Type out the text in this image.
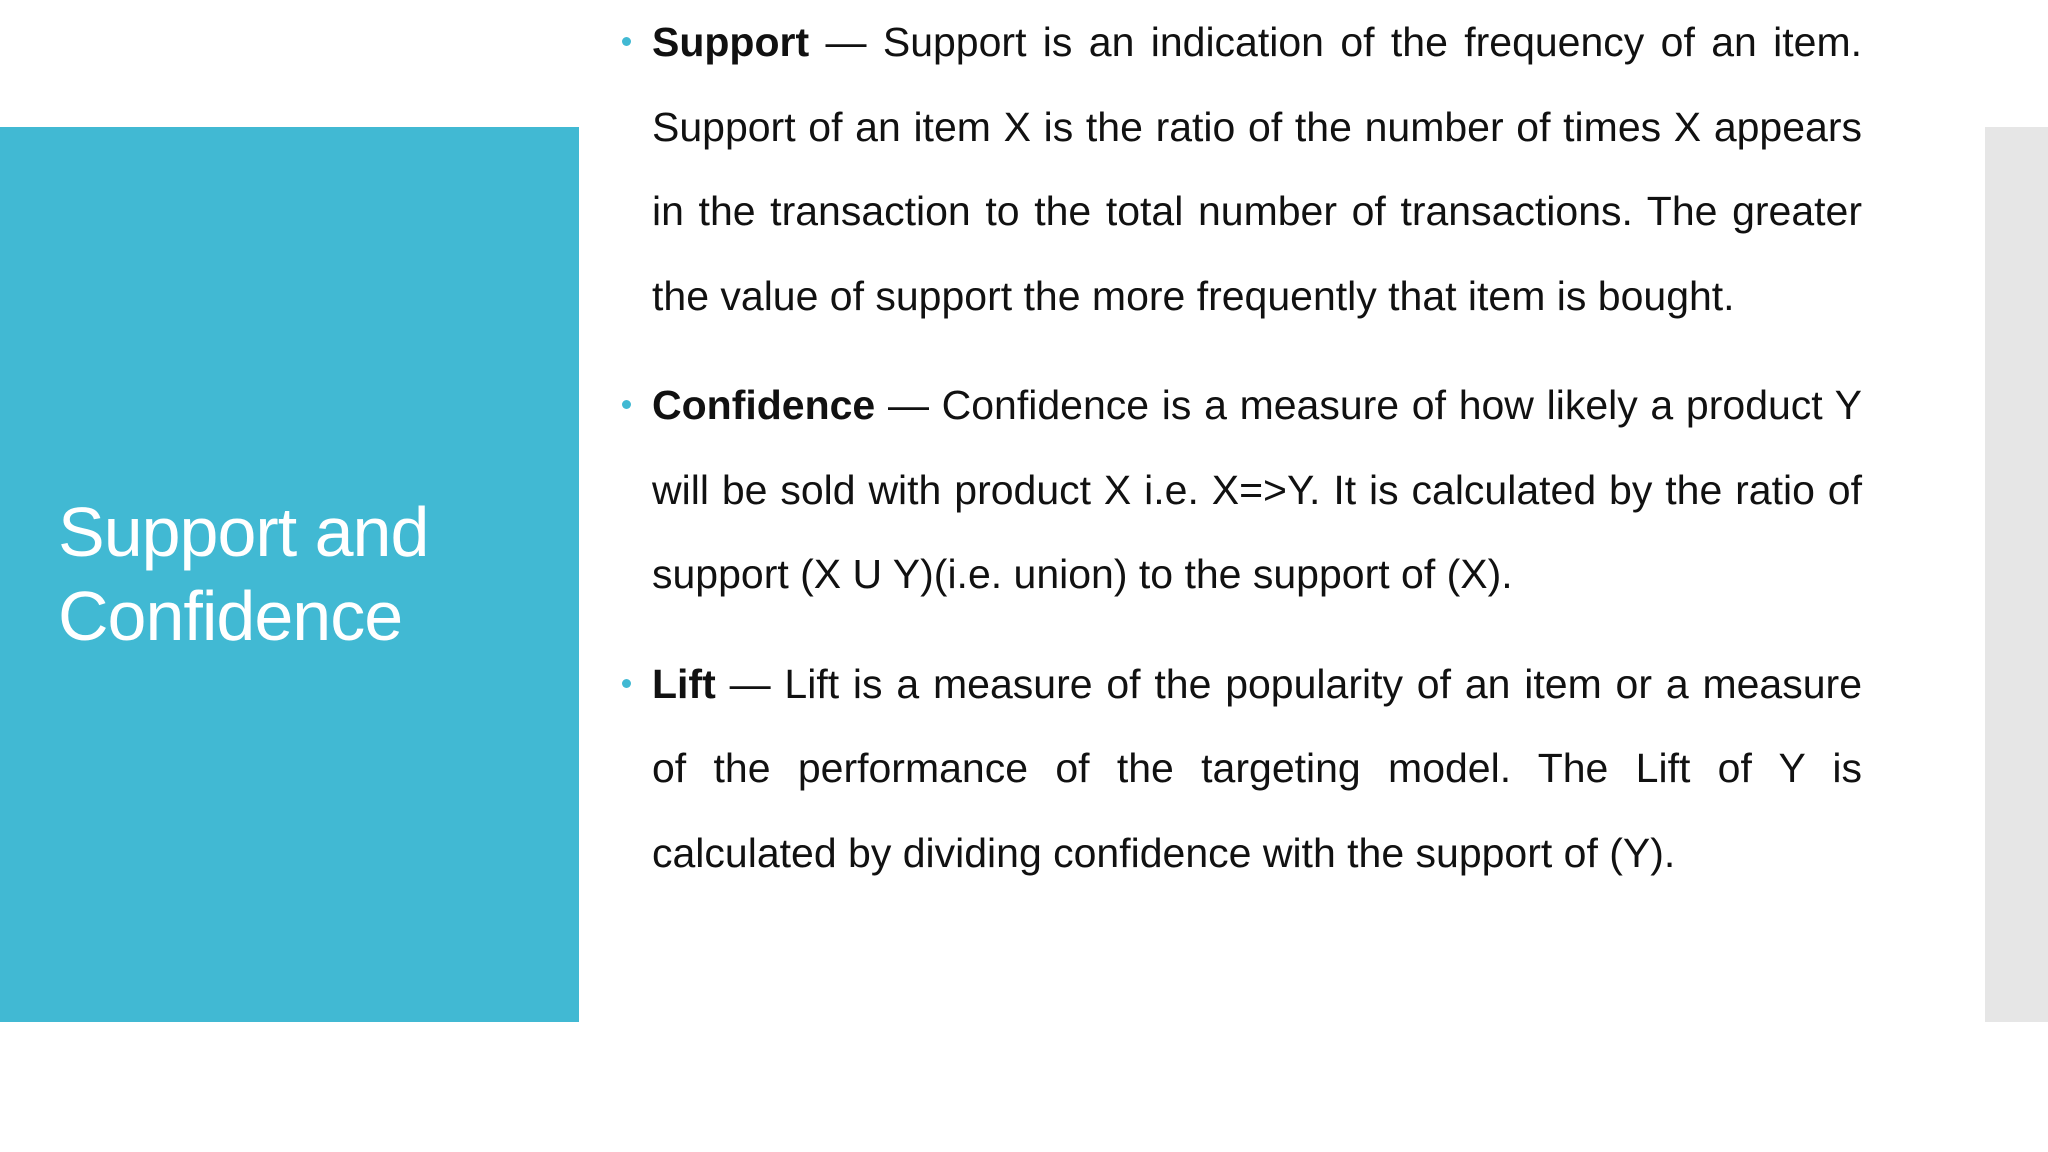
Support and Confidence

Support — Support is an indication of the frequency of an item. Support of an item X is the ratio of the number of times X appears in the transaction to the total number of transactions. The greater the value of support the more frequently that item is bought.

Confidence — Confidence is a measure of how likely a product Y will be sold with product X i.e. X=>Y. It is calculated by the ratio of support (X U Y)(i.e. union) to the support of (X).

Lift — Lift is a measure of the popularity of an item or a measure of the performance of the targeting model. The Lift of Y is calculated by dividing confidence with the support of (Y).
